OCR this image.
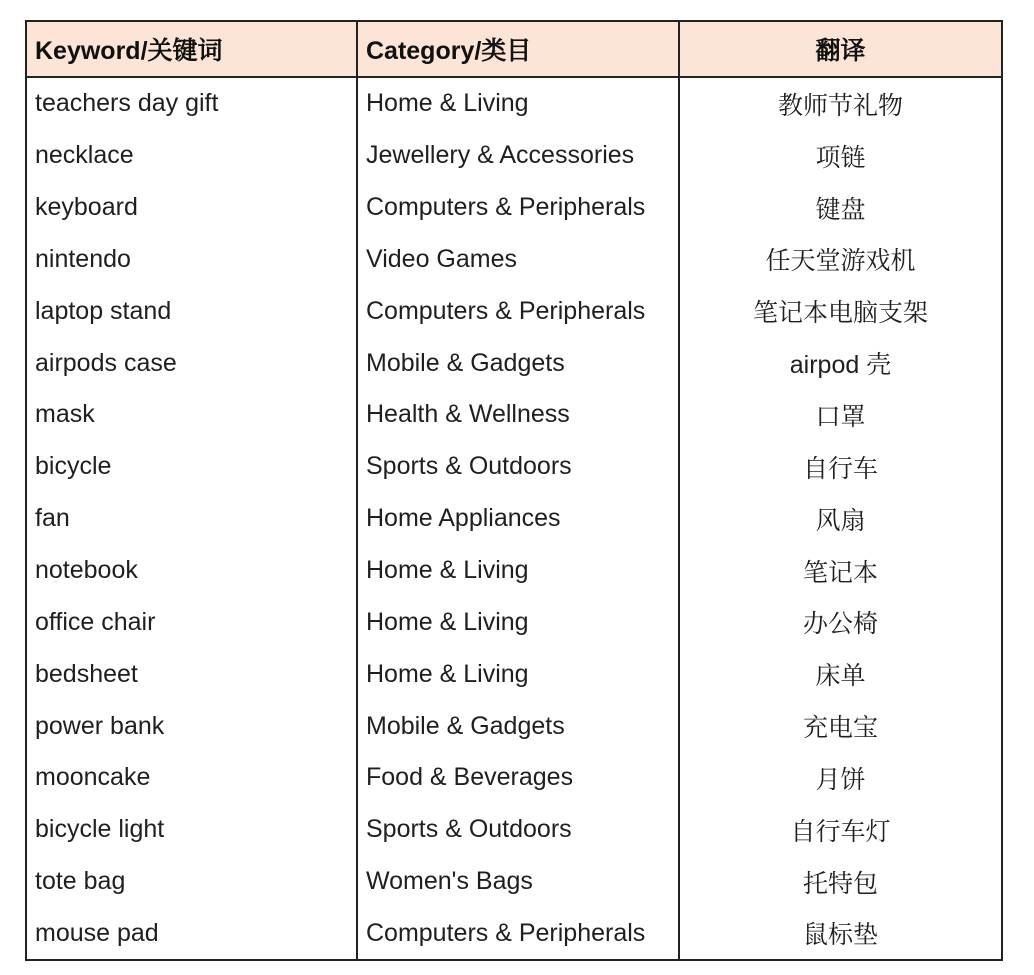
Keyword/关键词	Category/类目	翻译
teachers day gift	Home & Living	教师节礼物
necklace	Jewellery & Accessories	项链
keyboard	Computers & Peripherals	键盘
nintendo	Video Games	任天堂游戏机
laptop stand	Computers & Peripherals	笔记本电脑支架
airpods case	Mobile & Gadgets	airpod 壳
mask	Health & Wellness	口罩
bicycle	Sports & Outdoors	自行车
fan	Home Appliances	风扇
notebook	Home & Living	笔记本
office chair	Home & Living	办公椅
bedsheet	Home & Living	床单
power bank	Mobile & Gadgets	充电宝
mooncake	Food & Beverages	月饼
bicycle light	Sports & Outdoors	自行车灯
tote bag	Women's Bags	托特包
mouse pad	Computers & Peripherals	鼠标垫
